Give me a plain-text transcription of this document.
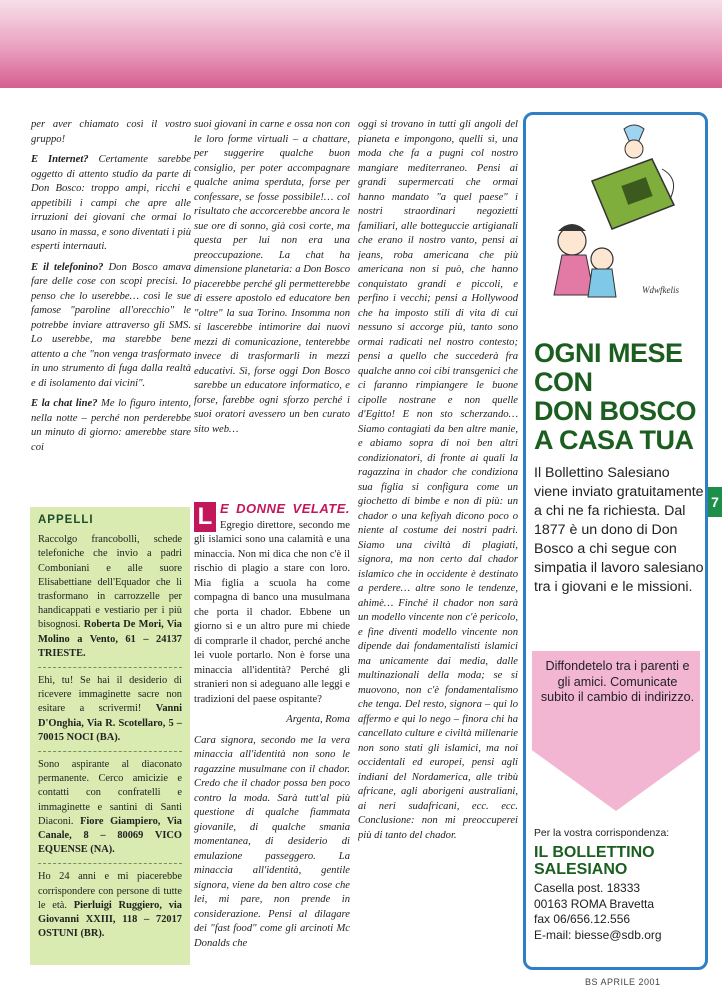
per aver chiamato così il vostro gruppo!

E Internet? Certamente sarebbe oggetto di attento studio da parte di Don Bosco: troppo ampi, ricchi e appetibili i campi che apre alle irruzioni dei giovani che ormai lo usano in massa, e sono diventati i più esperti internauti.

E il telefonino? Don Bosco amava fare delle cose con scopi precisi. Io penso che lo userebbe… così le sue famose "paroline all'orecchio" le potrebbe inviare attraverso gli SMS. Lo userebbe, ma starebbe bene attento a che "non venga trasformato in uno strumento di fuga dalla realtà e di isolamento dai vicini".

E la chat line? Me lo figuro intento, nella notte – perché non perderebbe un minuto di giorno: amerebbe stare coi

suoi giovani in carne e ossa non con le loro forme virtuali – a chattare, per suggerire qualche buon consiglio, per poter accompagnare qualche anima sperduta, forse per confessare, se fosse possibile!… col risultato che accorcerebbe ancora le sue ore di sonno, già così corte, ma questa per lui non era una preoccupazione. La chat ha dimensione planetaria: a Don Bosco piacerebbe perché gli permetterebbe di essere apostolo ed educatore ben "oltre" la sua Torino. Insomma non si lascerebbe intimorire dai nuovi mezzi di comunicazione, tenterebbe invece di trasformarli in mezzi educativi. Sì, forse oggi Don Bosco sarebbe un educatore informatico, e forse, farebbe ogni sforzo perché i suoi oratori avessero un ben curato sito web…

APPELLI

Raccolgo francobolli, schede telefoniche che invio a padri Comboniani e alle suore Elisabettiane dell'Equador che li trasformano in carrozzelle per handicappati e vestiario per i più bisognosi. Roberta De Mori, Via Molino a Vento, 61 – 24137 TRIESTE.

Ehi, tu! Se hai il desiderio di ricevere immaginette sacre non esitare a scrivermi! Vanni D'Onghia, Via R. Scotellaro, 5 – 70015 NOCI (BA).

Sono aspirante al diaconato permanente. Cerco amicizie e contatti con confratelli e immaginette e santini di Santi Diaconi. Fiore Giampiero, Via Canale, 8 – 80069 VICO EQUENSE (NA).

Ho 24 anni e mi piacerebbe corrispondere con persone di tutte le età. Pierluigi Ruggiero, via Giovanni XXIII, 118 – 72017 OSTUNI (BR).

L E DONNE VELATE. Egregio direttore, secondo me gli islamici sono una calamità e una minaccia. Non mi dica che non c'è il rischio di plagio a stare con loro. Mia figlia a scuola ha come compagna di banco una musulmana che porta il chador. Ebbene un giorno si e un altro pure mi chiede di comprarle il chador, perché anche lei vuole portarlo. Non è forse una minaccia all'identità? Perché gli stranieri non si adeguano alle leggi e tradizioni del paese ospitante?

Argenta, Roma

Cara signora, secondo me la vera minaccia all'identità non sono le ragazzine musulmane con il chador. Credo che il chador possa ben poco contro la moda. Sarà tutt'al più questione di qualche fiammata giovanile, di qualche smania momentanea, di desiderio di emulazione passeggero. La minaccia all'identità, gentile signora, viene da ben altro cose che lei, mi pare, non prende in considerazione. Pensi al dilagare dei "fast food" come gli arcinoti Mc Donalds che

oggi si trovano in tutti gli angoli del pianeta e impongono, quelli sì, una moda che fa a pugni col nostro mangiare mediterraneo. Pensi ai grandi supermercati che ormai hanno mandato "a quel paese" i nostri straordinari negozietti familiari, alle botteguccie artigianali che erano il nostro vanto, pensi ai jeans, roba americana che più americana non si può, che hanno conquistato grandi e piccoli, e perfino i vecchi; pensi a Hollywood che ha imposto stili di vita di cui nessuno si accorge più, tanto sono ormai radicati nel nostro contesto; pensi a quello che succederà fra qualche anno coi cibi transgenici che ci faranno rimpiangere le buone cipolle nostrane e non quelle d'Egitto! E non sto scherzando… Siamo contagiati da ben altre manie, e abiamo sopra di noi ben altri condizionatori, di fronte ai quali la ragazzina in chador che condiziona sua figlia si configura come un giochetto di bimbe e non di più: un chador o una kefiyah dicono poco o niente al costume dei nostri padri. Siamo una civiltà di plagiati, signora, ma non certo dal chador islamico che in occidente è destinato a perdere… altre sono le tendenze, ahimè… Finché il chador non sarà un modello vincente non c'è pericolo, e fine diventi modello vincente non dipende dai fondamentalisti islamici ma unicamente dai media, dalle multinazionali della moda; se si muovono, non c'è fondamentalismo che tenga. Del resto, signora – qui lo affermo e qui lo nego – finora chi ha cancellato culture e civiltà millenarie non sono stati gli islamici, ma noi occidentali ed europei, pensi agli indiani del Nordamerica, alle tribù africane, agli aborigeni australiani, ai neri sudafricani, ecc. ecc. Conclusione: non mi preoccuperei più di tanto del chador.

Wdwfkelis
OGNI MESE
CON
DON BOSCO
A CASA TUA
Il Bollettino Salesiano viene inviato gratuitamente a chi ne fa richiesta. Dal 1877 è un dono di Don Bosco a chi segue con simpatia il lavoro salesiano tra i giovani e le missioni.
Diffondetelo tra i parenti e gli amici. Comunicate subito il cambio di indirizzo.
Per la vostra corrispondenza:
IL BOLLETTINO
SALESIANO
Casella post. 18333
00163 ROMA Bravetta
fax 06/656.12.556
E-mail: biesse@sdb.org
7
BS APRILE 2001
